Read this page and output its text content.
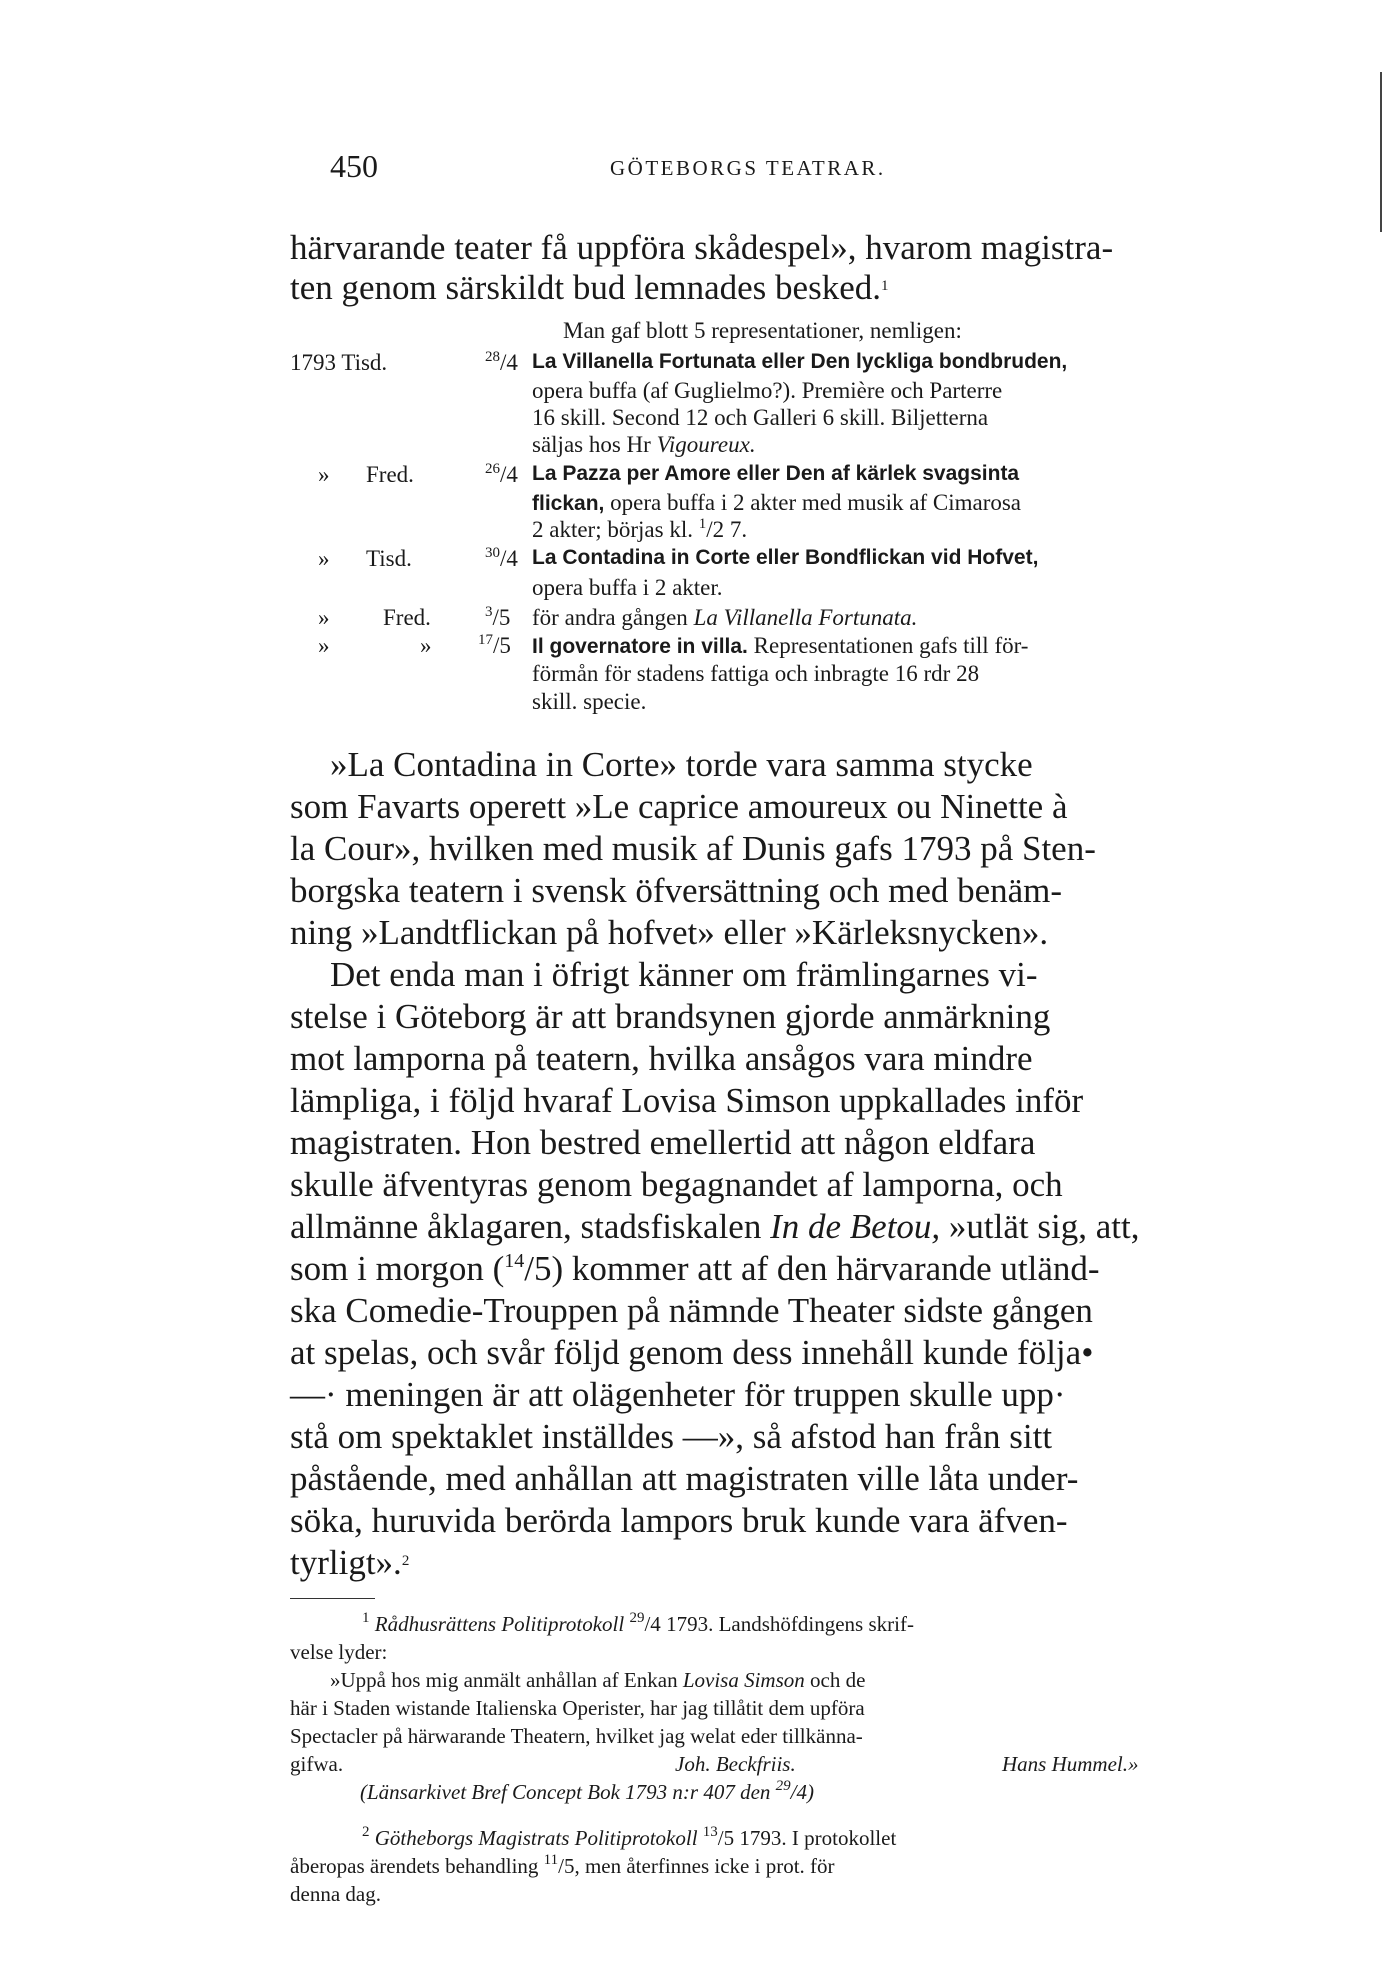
450	GÖTEBORGS TEATRAR.
härvarande teater få uppföra skådespel», hvarom magistra-
ten genom särskildt bud lemnades besked.$^1$
Man gaf blott 5 representationer, nemligen:
1793 Tisd.	$^{28}$/4 La Villanella Fortunata eller Den lyckliga bondbruden,
opera buffa (af Guglielmo?). Première och Parterre
16 skill. Second 12 och Galleri 6 skill. Biljetterna
säljas hos Hr Vigoureux.
» Fred.	$^{26}$/4 La Pazza per Amore eller Den af kärlek svagsinta
flickan, opera buffa i 2 akter med musik af Cimarosa
2 akter; börjas kl. $^1$/2 7.
» Tisd.	$^{30}$/4 La Contadina in Corte eller Bondflickan vid Hofvet,
opera buffa i 2 akter.
» Fred.	$^3$/5 för andra gången La Villanella Fortunata.
»	»	$^{17}$/5 Il governatore in villa. Representationen gafs till för-
förmån för stadens fattiga och inbragte 16 rdr 28
skill. specie.
»La Contadina in Corte» torde vara samma stycke
som Favarts operett »Le caprice amoureux ou Ninette à
la Cour», hvilken med musik af Dunis gafs 1793 på Sten-
borgska teatern i svensk öfversättning och med benäm-
ning »Landtflickan på hofvet» eller »Kärleksnycken».
Det enda man i öfrigt känner om främlingarnes vi-
stelse i Göteborg är att brandsynen gjorde anmärkning
mot lamporna på teatern, hvilka ansågos vara mindre
lämpliga, i följd hvaraf Lovisa Simson uppkallades inför
magistraten. Hon bestred emellertid att någon eldfara
skulle äfventyras genom begagnandet af lamporna, och
allmänne åklagaren, stadsfiskalen In de Betou, »utlät sig, att,
som i morgon ($^{14}$/5) kommer att af den härvarande utländ-
ska Comedie-Trouppen på nämnde Theater sidste gången
at spelas, och svår följd genom dess innehåll kunde följa•
—· meningen är att olägenheter för truppen skulle upp·
stå om spektaklet inställdes —», så afstod han från sitt
påstående, med anhållan att magistraten ville låta under-
söka, huruvida berörda lampors bruk kunde vara äfven-
tyrligt».$^2$
$^1$ Rådhusrättens Politiprotokoll $^{29}$/4 1793. Landshöfdingens skrif-
velse lyder:
»Uppå hos mig anmält anhållan af Enkan Lovisa Simson och de
här i Staden wistande Italienska Operister, har jag tillåtit dem upföra
Spectacler på härwarande Theatern, hvilket jag welat eder tillkänna-
gifwa.	Joh. Beckfriis.	Hans Hummel.»
(Länsarkivet Bref Concept Bok 1793 n:r 407 den $^{29}$/4)
$^2$ Götheborgs Magistrats Politiprotokoll $^{13}$/5 1793. I protokollet
åberopas ärendets behandling $^{11}$/5, men återfinnes icke i prot. för
denna dag.
